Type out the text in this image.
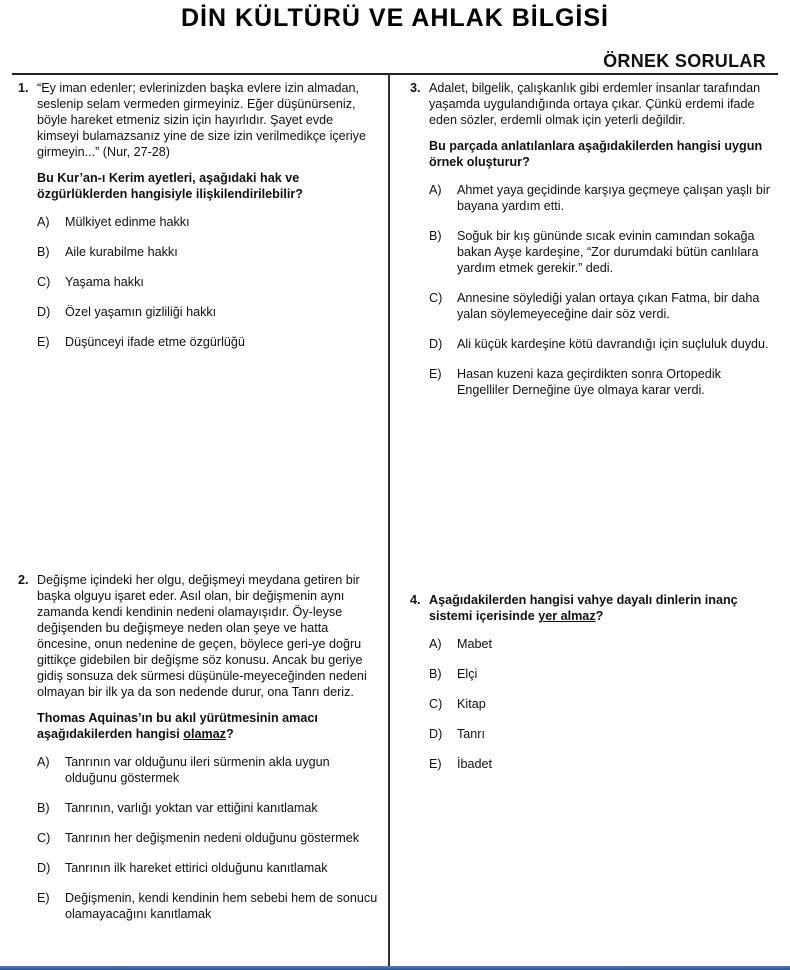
DİN KÜLTÜRÜ VE AHLAK BİLGİSİ
ÖRNEK SORULAR
1. “Ey iman edenler; evlerinizden başka evlere izin almadan, seslenip selam vermeden girmeyiniz. Eğer düşünürseniz, böyle hareket etmeniz sizin için hayırlıdır. Şayet evde kimseyi bulamazsanız yine de size izin verilmedikçe içeriye girmeyin...” (Nur, 27-28)
Bu Kur’an-ı Kerim ayetleri, aşağıdaki hak ve özgürlüklerden hangisiyle ilişkilendirilebilir?
A) Mülkiyet edinme hakkı
B) Aile kurabilme hakkı
C) Yaşama hakkı
D) Özel yaşamın gizliliği hakkı
E) Düşünceyi ifade etme özgürlüğü
2. Değişme içindeki her olgu, değişmeyi meydana getiren bir başka olguyu işaret eder. Asıl olan, bir değişmenin aynı zamanda kendi kendinin nedeni olamayışıdır. Öy-leyse değişenden bu değişmeye neden olan şeye ve hatta öncesine, onun nedenine de geçen, böylece geri-ye doğru gittikçe gidebilen bir değişme söz konusu. Ancak bu geriye gidiş sonsuza dek sürmesi düşünüle-meyeceğinden nedeni olmayan bir ilk ya da son nedende durur, ona Tanrı deriz.
Thomas Aquinas’ın bu akıl yürütmesinin amacı aşağıdakilerden hangisi olamaz?
A) Tanrının var olduğunu ileri sürmenin akla uygun olduğunu göstermek
B) Tanrının, varlığı yoktan var ettiğini kanıtlamak
C) Tanrının her değişmenin nedeni olduğunu göstermek
D) Tanrının ilk hareket ettirici olduğunu kanıtlamak
E) Değişmenin, kendi kendinin hem sebebi hem de sonucu olamayacağını kanıtlamak
3. Adalet, bilgelik, çalışkanlık gibi erdemler insanlar tarafından yaşamda uygulandığında ortaya çıkar. Çünkü erdemi ifade eden sözler, erdemli olmak için yeterli değildir.
Bu parçada anlatılanlara aşağıdakilerden hangisi uygun örnek oluşturur?
A) Ahmet yaya geçidinde karşıya geçmeye çalışan yaşlı bir bayana yardım etti.
B) Soğuk bir kış gününde sıcak evinin camından sokağa bakan Ayşe kardeşine, “Zor durumdaki bütün canlılara yardım etmek gerekir.” dedi.
C) Annesine söylediği yalan ortaya çıkan Fatma, bir daha yalan söylemeyeceğine dair söz verdi.
D) Ali küçük kardeşine kötü davrandığı için suçluluk duydu.
E) Hasan kuzeni kaza geçirdikten sonra Ortopedik Engelliler Derneğine üye olmaya karar verdi.
4. Aşağıdakilerden hangisi vahye dayalı dinlerin inanç sistemi içerisinde yer almaz?
A) Mabet
B) Elçi
C) Kitap
D) Tanrı
E) İbadet
